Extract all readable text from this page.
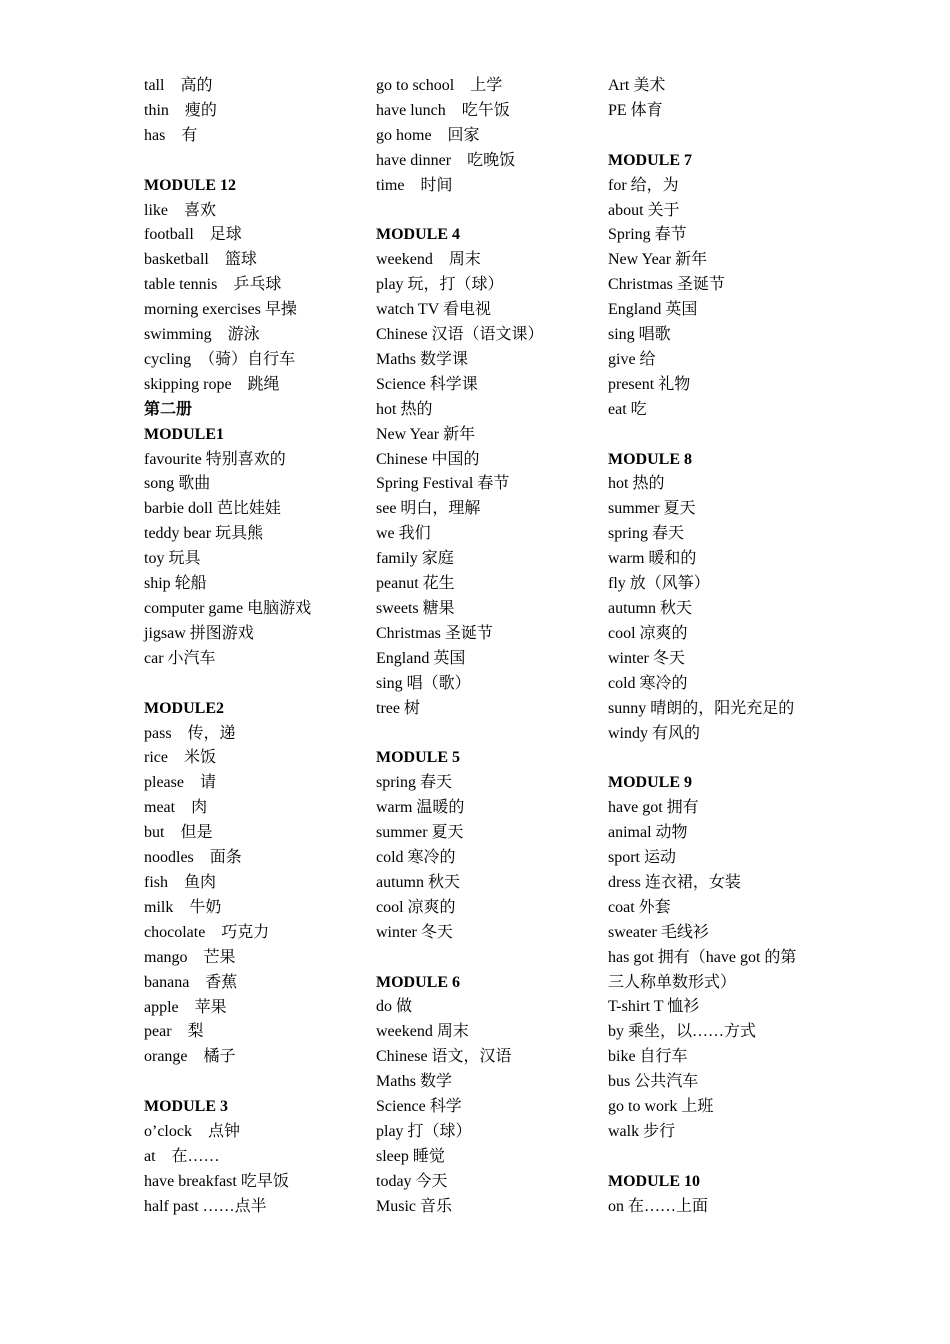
tall　高的
thin　瘦的
has　有
MODULE 12
like　喜欢
football　足球
basketball　篮球
table tennis　乒乓球
morning exercises 早操
swimming　游泳
cycling　（骑）自行车
skipping rope　跳绳
第二册
MODULE1
favourite 特别喜欢的
song 歌曲
barbie doll 芭比娃娃
teddy bear 玩具熊
toy 玩具
ship 轮船
computer game 电脑游戏
jigsaw 拼图游戏
car 小汽车
MODULE2
pass　传，递
rice　米饭
please　请
meat　肉
but　但是
noodles　面条
fish　鱼肉
milk　牛奶
chocolate　巧克力
mango　芒果
banana　香蕉
apple　苹果
pear　梨
orange　橘子
MODULE 3
o’clock　点钟
at　在……
have breakfast 吃早饭
half past ……点半
go to school　上学
have lunch　吃午饭
go home　回家
have dinner　吃晚饭
time　时间
MODULE 4
weekend　周末
play 玩，打（球）
watch TV 看电视
Chinese 汉语（语文课）
Maths 数学课
Science 科学课
hot 热的
New Year 新年
Chinese 中国的
Spring Festival 春节
see 明白，理解
we 我们
family 家庭
peanut 花生
sweets 糖果
Christmas 圣诞节
England 英国
sing 唱（歌）
tree 树
MODULE 5
spring 春天
warm 温暖的
summer 夏天
cold 寒冷的
autumn 秋天
cool 凉爽的
winter 冬天
MODULE 6
do 做
weekend 周末
Chinese 语文，汉语
Maths 数学
Science 科学
play 打（球）
sleep 睡觉
today 今天
Music 音乐
Art 美术
PE 体育
MODULE 7
for 给，为
about 关于
Spring 春节
New Year 新年
Christmas 圣诞节
England 英国
sing 唱歌
give 给
present 礼物
eat 吃
MODULE 8
hot 热的
summer 夏天
spring 春天
warm 暖和的
fly 放（风筝）
autumn 秋天
cool 凉爽的
winter 冬天
cold 寒冷的
sunny 晴朗的，阳光充足的
windy 有风的
MODULE 9
have got 拥有
animal 动物
sport 运动
dress 连衣裙，女装
coat 外套
sweater 毛线衫
has got 拥有（have got 的第
三人称单数形式）
T-shirt T 恤衫
by 乘坐，以……方式
bike 自行车
bus 公共汽车
go to work 上班
walk 步行
MODULE 10
on 在……上面
